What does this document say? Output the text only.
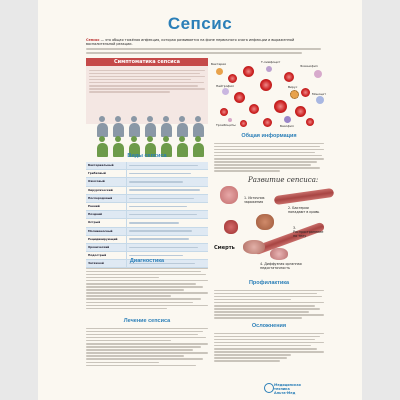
Сепсис
Сепсис — это общая тяжёлая инфекция, которая развивается на фоне первичного очага инфекции и выраженной воспалительной реакции.
Симптоматика сепсиса
Виды сепсиса
Бактериальный
Грибковый
Ожоговый
Хирургический
Послеродовый
Ранний
Поздний
Острый
Молниеносный
Рецидивирующий
Хронический
Подострый
Затяжной	Диагностика
Лечение сепсиса
Бактерия	Т-лимфоцит
Эозинофил
Нейтрофил	Вирус
Моноцит
Тромбоциты	Базофил
Общая информация
Развитие сепсиса:
1. Источник заражения
2. Бактерии попадают в кровь
3. Распространение по телу
Смерть
4. Диффузная органная недостаточность
Профилактика
Осложнения
Медицинская
техника
Альта-Мед
